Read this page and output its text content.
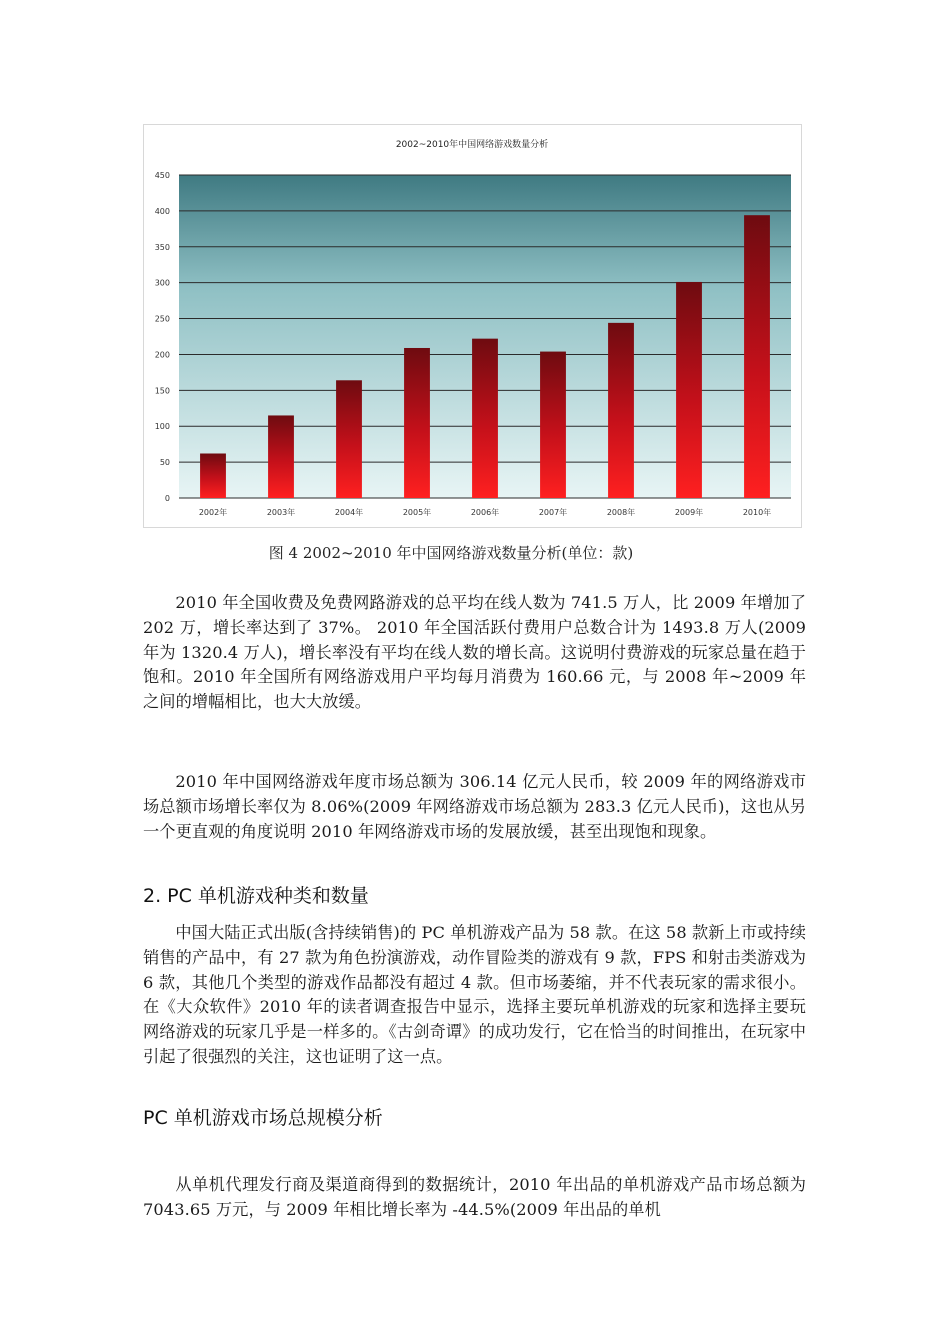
2002~2010年中国网络游戏数量分析
0
50
100
150
200
250
300
350
400
450
2002年	2003年	2004年	2005年	2006年	2007年	2008年	2009年	2010年
图 4 2002~2010 年中国网络游戏数量分析(单位：款)

2010 年全国收费及免费网路游戏的总平均在线人数为 741.5 万人，比 2009 年增加了 202 万，增长率达到了 37%。 2010 年全国活跃付费用户总数合计为 1493.8 万人(2009 年为 1320.4 万人)，增长率没有平均在线人数的增长高。这说明付费游戏的玩家总量在趋于饱和。2010 年全国所有网络游戏用户平均每月消费为 160.66 元，与 2008 年~2009 年之间的增幅相比，也大大放缓。

2010 年中国网络游戏年度市场总额为 306.14 亿元人民币，较 2009 年的网络游戏市场总额市场增长率仅为 8.06%(2009 年网络游戏市场总额为 283.3 亿元人民币)，这也从另一个更直观的角度说明 2010 年网络游戏市场的发展放缓，甚至出现饱和现象。

2. PC 单机游戏种类和数量

中国大陆正式出版(含持续销售)的 PC 单机游戏产品为 58 款。在这 58 款新上市或持续销售的产品中，有 27 款为角色扮演游戏，动作冒险类的游戏有 9 款，FPS 和射击类游戏为 6 款，其他几个类型的游戏作品都没有超过 4 款。但市场萎缩，并不代表玩家的需求很小。在《大众软件》2010 年的读者调查报告中显示，选择主要玩单机游戏的玩家和选择主要玩网络游戏的玩家几乎是一样多的。《古剑奇谭》的成功发行，它在恰当的时间推出，在玩家中引起了很强烈的关注，这也证明了这一点。

PC 单机游戏市场总规模分析

从单机代理发行商及渠道商得到的数据统计，2010 年出品的单机游戏产品市场总额为 7043.65 万元，与 2009 年相比增长率为 -44.5%(2009 年出品的单机
